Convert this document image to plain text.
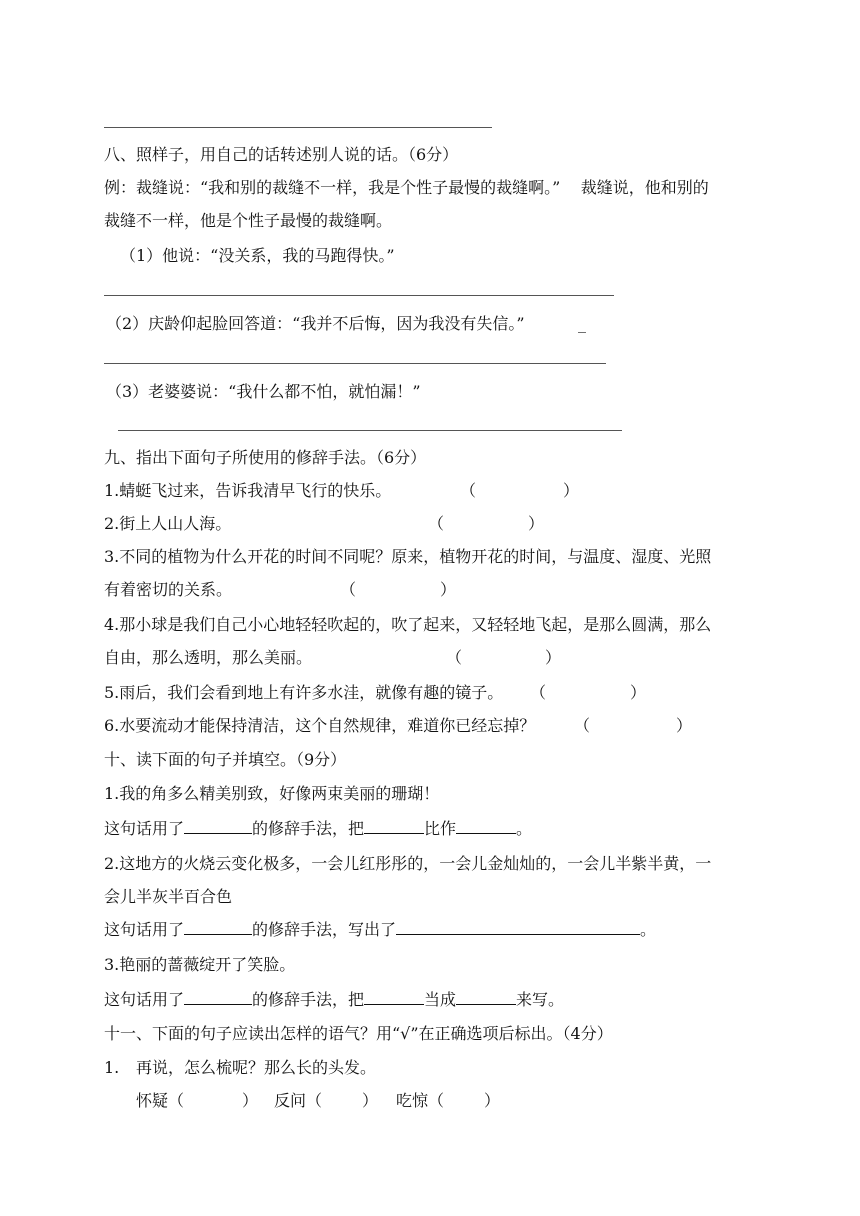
八、照样子，用自己的话转述别人说的话。（6分）
例：裁缝说：“我和别的裁缝不一样，我是个性子最慢的裁缝啊。”    裁缝说，他和别的
裁缝不一样，他是个性子最慢的裁缝啊。
（1）他说：“没关系，我的马跑得快。”
（2）庆龄仰起脸回答道：“我并不后悔，因为我没有失信。”	_
（3）老婆婆说：“我什么都不怕，就怕漏！”
九、指出下面句子所使用的修辞手法。（6分）
1.蜻蜓飞过来，告诉我清早飞行的快乐。	（	）
2.街上人山人海。	（	）
3.不同的植物为什么开花的时间不同呢？原来，植物开花的时间，与温度、湿度、光照
有着密切的关系。	（	）
4.那小球是我们自己小心地轻轻吹起的，吹了起来，又轻轻地飞起，是那么圆满，那么
自由，那么透明，那么美丽。	（	）
5.雨后，我们会看到地上有许多水洼，就像有趣的镜子。 （	）
6.水要流动才能保持清洁，这个自然规律，难道你已经忘掉？ （	）
十、读下面的句子并填空。（9分）
1.我的角多么精美别致，好像两束美丽的珊瑚！
这句话用了	的修辞手法，把	比作	。
2.这地方的火烧云变化极多，一会儿红彤彤的，一会儿金灿灿的，一会儿半紫半黄，一
会儿半灰半百合色
这句话用了	的修辞手法，写出了	。
3.艳丽的蔷薇绽开了笑脸。
这句话用了	的修辞手法，把	当成	来写。
十一、下面的句子应读出怎样的语气？用“√”在正确选项后标出。（4分）
1. 再说，怎么梳呢？那么长的头发。
怀疑（	） 反问（ ） 吃惊（ ）
